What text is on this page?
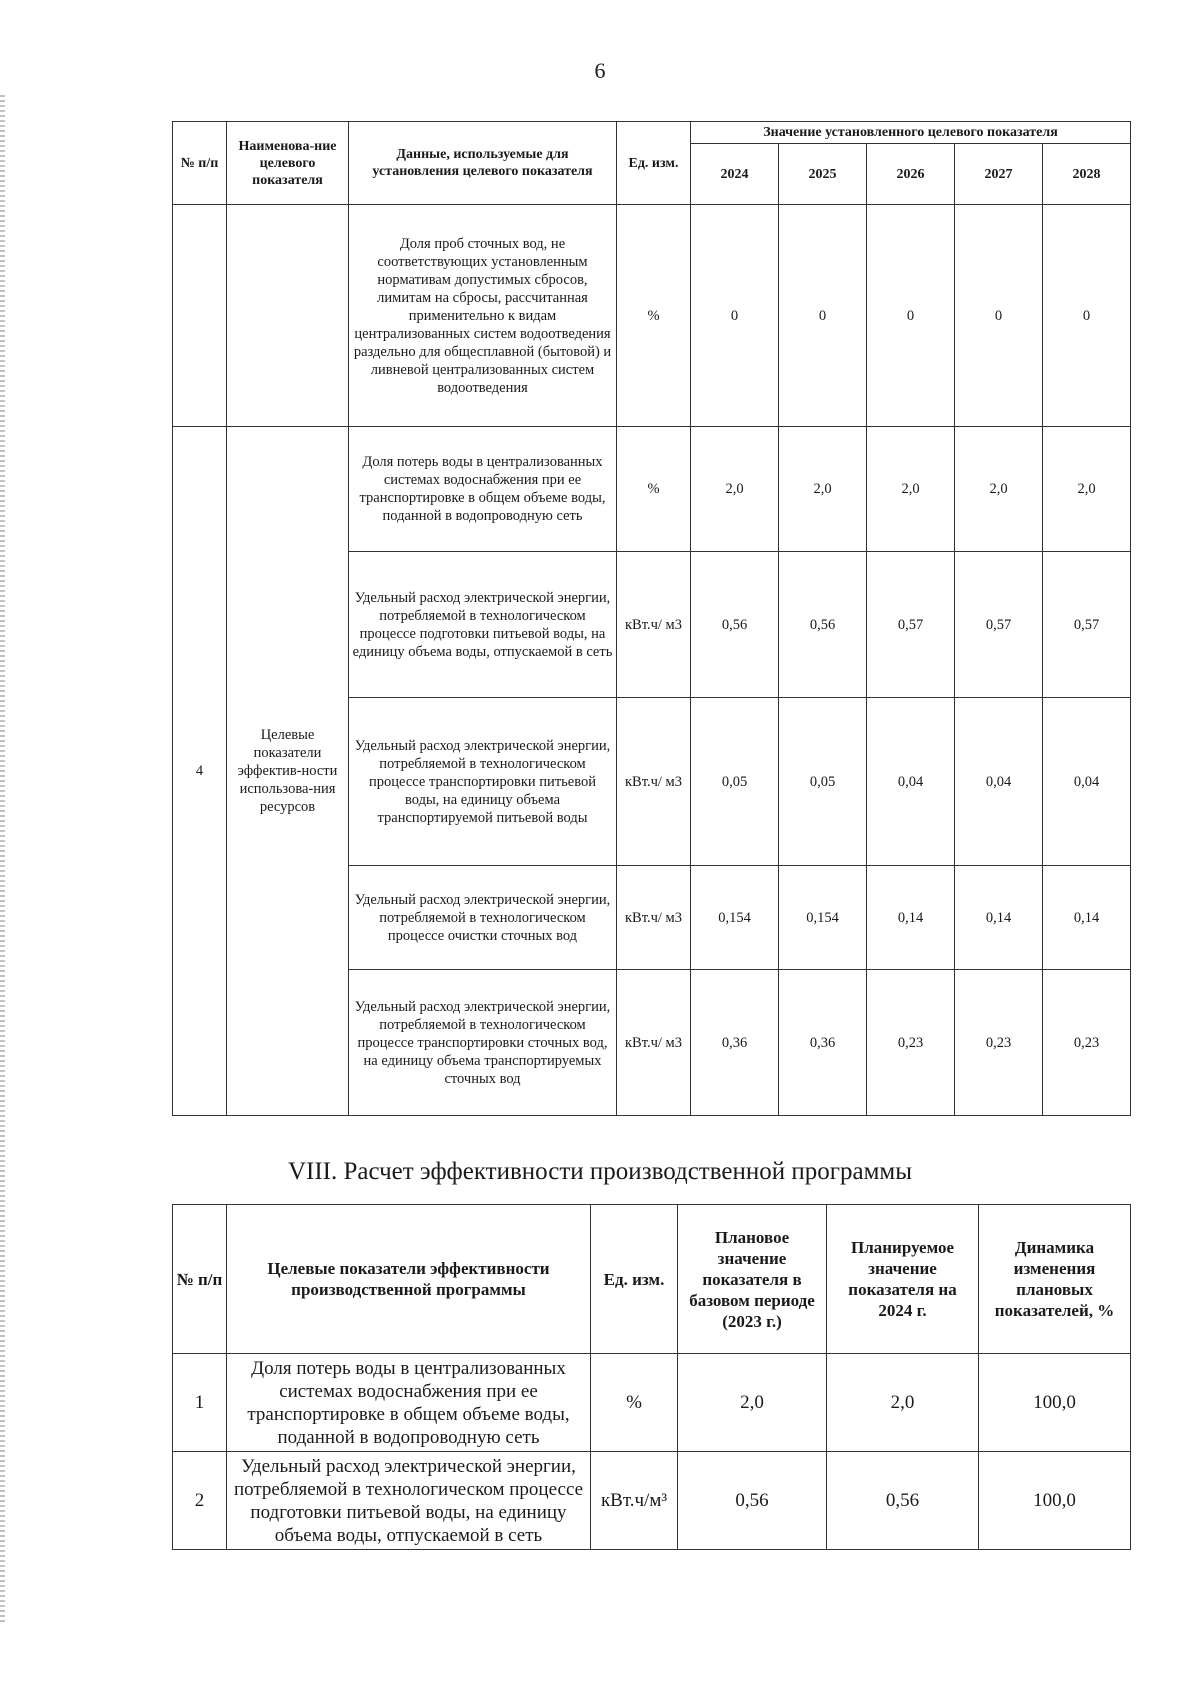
6
№ п/п	Наименова-ние целевого показателя	Данные, используемые для установления целевого показателя	Ед. изм.	Значение установленного целевого показателя				
				2024	2025	2026	2027	2028
		Доля проб сточных вод, не соответствующих установленным нормативам допустимых сбросов, лимитам на сбросы, рассчитанная применительно к видам централизованных систем водоотведения раздельно для общесплавной (бытовой) и ливневой централизованных систем водоотведения	%	0	0	0	0	0
4	Целевые показатели эффектив-ности использова-ния ресурсов	Доля потерь воды в централизованных системах водоснабжения при ее транспортировке в общем объеме воды, поданной в водопроводную сеть	%	2,0	2,0	2,0	2,0	2,0
		Удельный расход электрической энергии, потребляемой в технологическом процессе подготовки питьевой воды, на единицу объема воды, отпускаемой в сеть	кВт.ч/ м3	0,56	0,56	0,57	0,57	0,57
		Удельный расход электрической энергии, потребляемой в технологическом процессе транспортировки питьевой воды, на единицу объема транспортируемой питьевой воды	кВт.ч/ м3	0,05	0,05	0,04	0,04	0,04
		Удельный расход электрической энергии, потребляемой в технологическом процессе очистки сточных вод	кВт.ч/ м3	0,154	0,154	0,14	0,14	0,14
		Удельный расход электрической энергии, потребляемой в технологическом процессе транспортировки сточных вод, на единицу объема транспортируемых сточных вод	кВт.ч/ м3	0,36	0,36	0,23	0,23	0,23
VIII. Расчет эффективности производственной программы
№ п/п	Целевые показатели эффективности производственной программы	Ед. изм.	Плановое значение показателя в базовом периоде (2023 г.)	Планируемое значение показателя на 2024 г.	Динамика изменения плановых показателей, %
1	Доля потерь воды в централизованных системах водоснабжения при ее транспортировке в общем объеме воды, поданной в водопроводную сеть	%	2,0	2,0	100,0
2	Удельный расход электрической энергии, потребляемой в технологическом процессе подготовки питьевой воды, на единицу объема воды, отпускаемой в сеть	кВт.ч/м³	0,56	0,56	100,0
